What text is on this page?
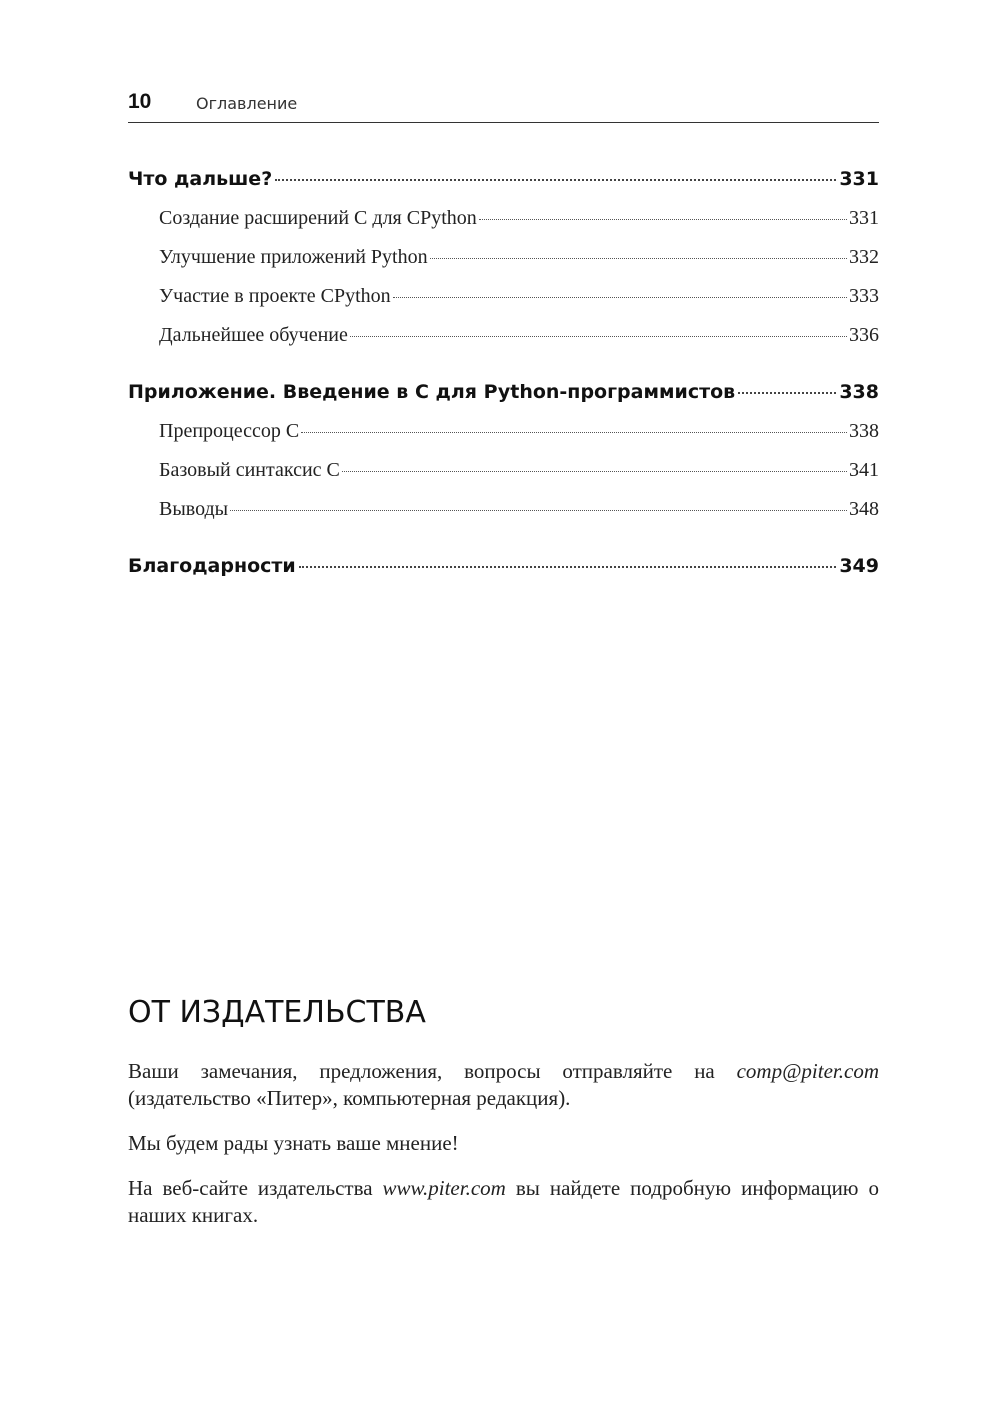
10	Оглавление
Что дальше?	331
Создание расширений C для CPython	331
Улучшение приложений Python	332
Участие в проекте CPython	333
Дальнейшее обучение	336
Приложение. Введение в C для Python-программистов	338
Препроцессор C	338
Базовый синтаксис C	341
Выводы	348
Благодарности	349
ОТ ИЗДАТЕЛЬСТВА

Ваши замечания, предложения, вопросы отправляйте на comp@piter.com (издательство «Питер», компьютерная редакция).

Мы будем рады узнать ваше мнение!

На веб-сайте издательства www.piter.com вы найдете подробную информацию о наших книгах.
